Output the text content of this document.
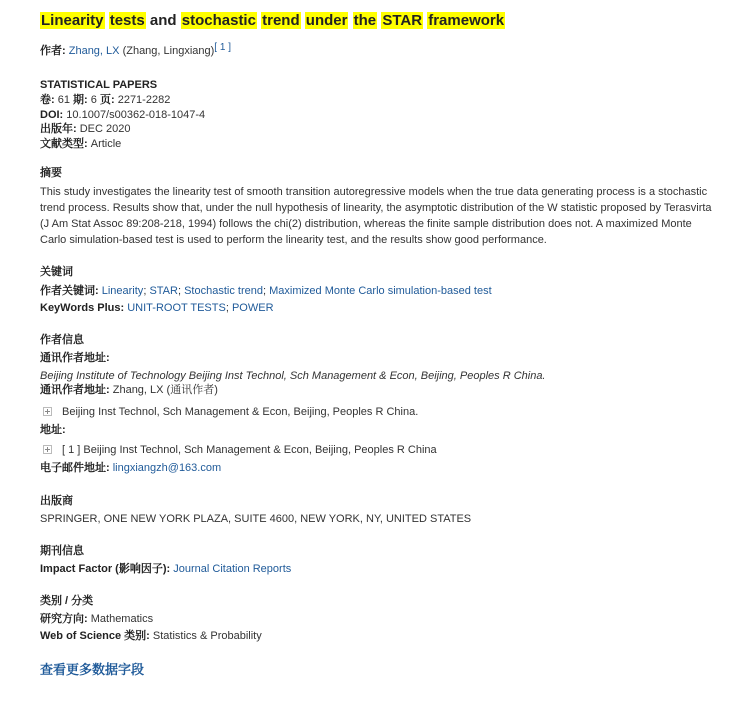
Linearity tests and stochastic trend under the STAR framework
作者: Zhang, LX (Zhang, Lingxiang)[ 1 ]
STATISTICAL PAPERS
卷: 61 期: 6 页: 2271-2282
DOI: 10.1007/s00362-018-1047-4
出版年: DEC 2020
文献类型: Article
摘要
This study investigates the linearity test of smooth transition autoregressive models when the true data generating process is a stochastic trend process. Results show that, under the null hypothesis of linearity, the asymptotic distribution of the W statistic proposed by Terasvirta (J Am Stat Assoc 89:208-218, 1994) follows the chi(2) distribution, whereas the finite sample distribution does not. A maximized Monte Carlo simulation-based test is used to perform the linearity test, and the results show good performance.
关键词
作者关键词: Linearity; STAR; Stochastic trend; Maximized Monte Carlo simulation-based test
KeyWords Plus: UNIT-ROOT TESTS; POWER
作者信息
通讯作者地址:
Beijing Institute of Technology Beijing Inst Technol, Sch Management & Econ, Beijing, Peoples R China.
通讯作者地址: Zhang, LX (通讯作者)
Beijing Inst Technol, Sch Management & Econ, Beijing, Peoples R China.
地址:
[ 1 ] Beijing Inst Technol, Sch Management & Econ, Beijing, Peoples R China
电子邮件地址: lingxiangzh@163.com
出版商
SPRINGER, ONE NEW YORK PLAZA, SUITE 4600, NEW YORK, NY, UNITED STATES
期刊信息
Impact Factor (影响因子): Journal Citation Reports
类别 / 分类
研究方向: Mathematics
Web of Science 类别: Statistics & Probability
查看更多数据字段
